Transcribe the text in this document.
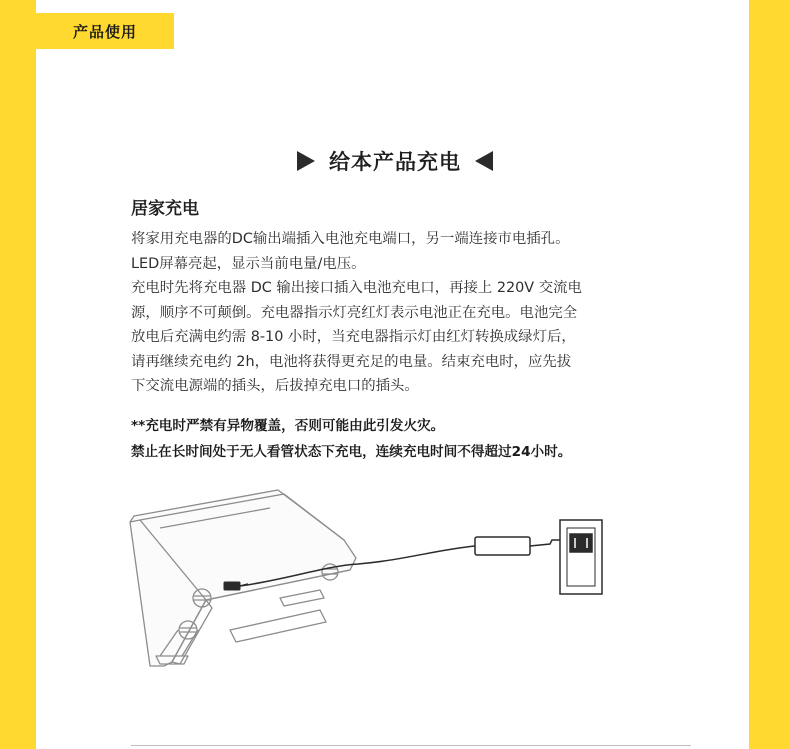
产品使用
给本产品充电
居家充电
将家用充电器的DC输出端插入电池充电端口，另一端连接市电插孔。
LED屏幕亮起，显示当前电量/电压。
充电时先将充电器 DC 输出接口插入电池充电口，再接上 220V 交流电
源，顺序不可颠倒。充电器指示灯亮红灯表示电池正在充电。电池完全
放电后充满电约需 8-10 小时，当充电器指示灯由红灯转换成绿灯后，
请再继续充电约 2h，电池将获得更充足的电量。结束充电时，应先拔
下交流电源端的插头，后拔掉充电口的插头。
**充电时严禁有异物覆盖，否则可能由此引发火灾。
禁止在长时间处于无人看管状态下充电，连续充电时间不得超过24小时。
